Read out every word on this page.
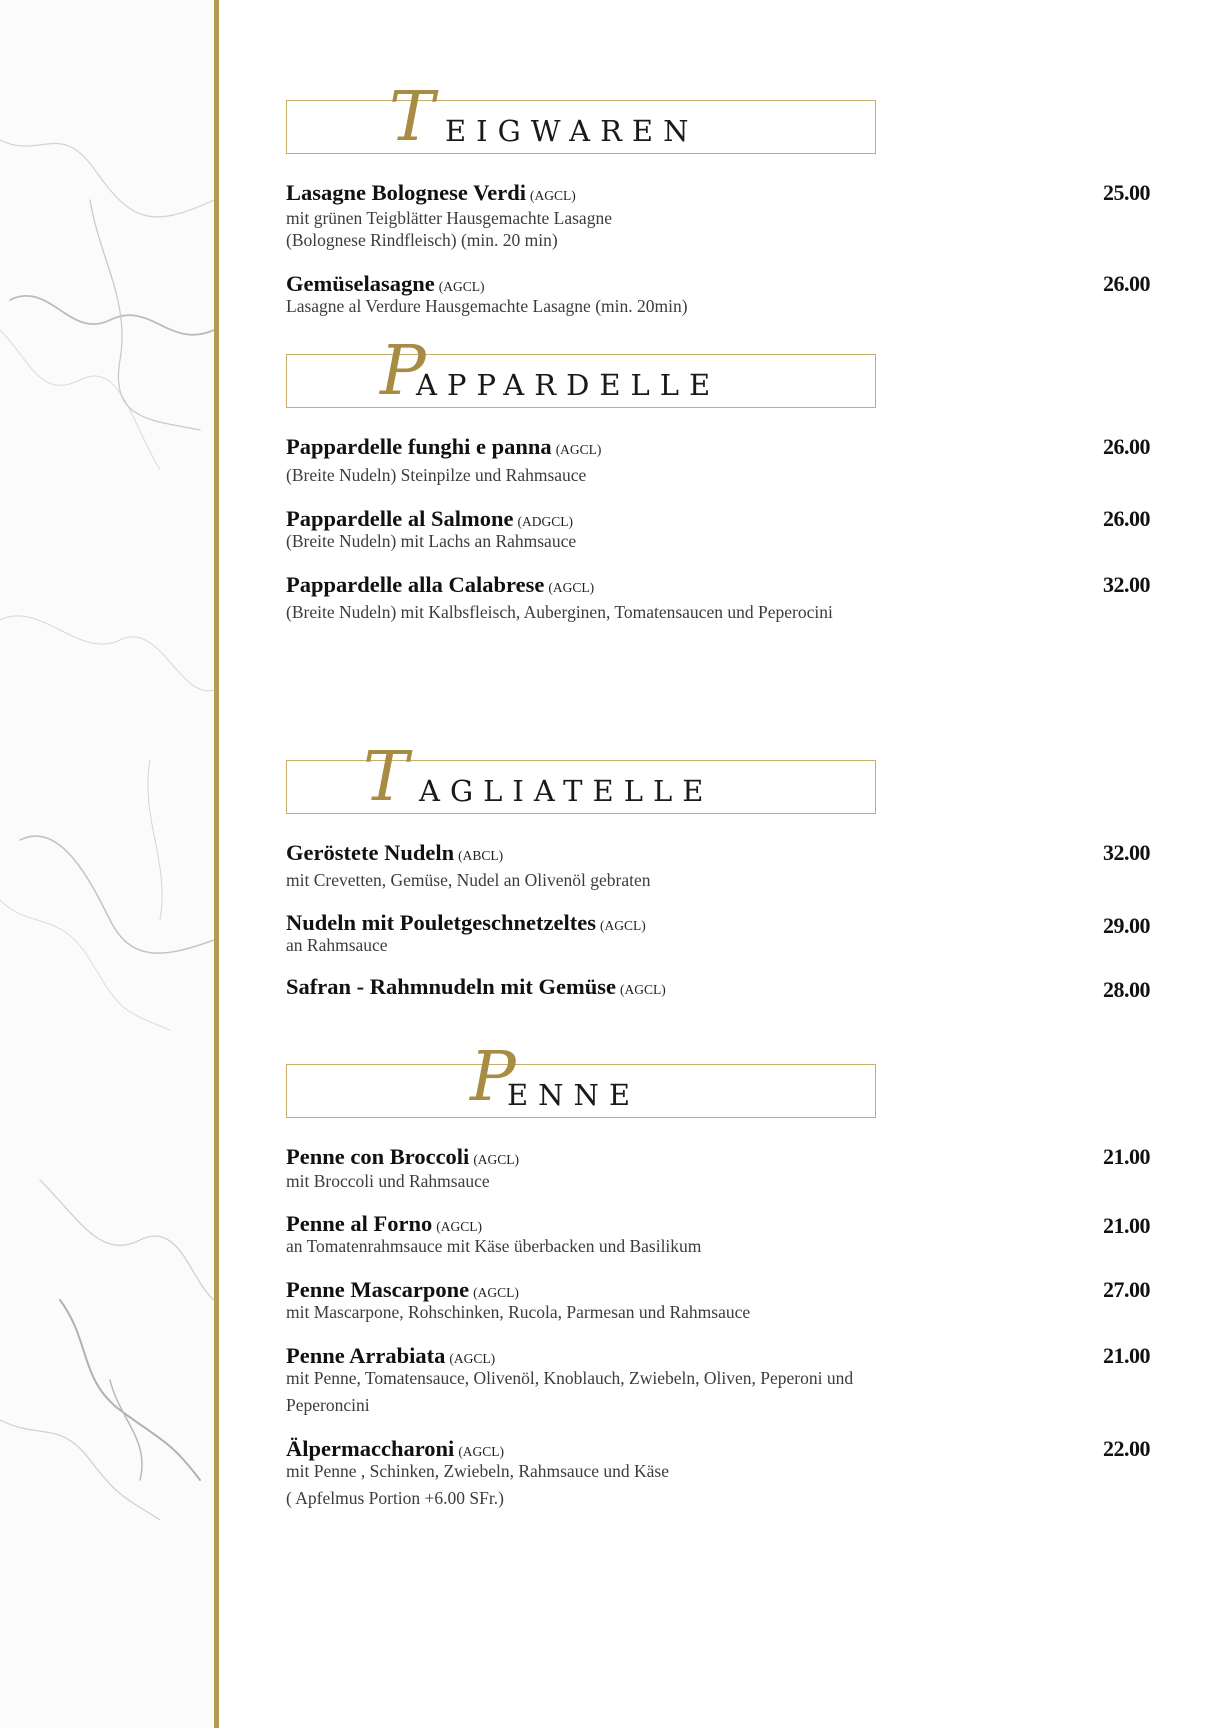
T EIGWAREN
Lasagne Bolognese Verdi (AGCL)
mit grünen Teigblätter Hausgemachte Lasagne
(Bolognese Rindfleisch) (min. 20 min)
25.00
Gemüselasagne (AGCL)
Lasagne al Verdure Hausgemachte Lasagne (min. 20min)
26.00
P
APPARDELLE
Pappardelle funghi e panna (AGCL)
(Breite Nudeln) Steinpilze und Rahmsauce
26.00
Pappardelle al Salmone (ADGCL)
(Breite Nudeln) mit Lachs an Rahmsauce
26.00
Pappardelle alla Calabrese (AGCL)
(Breite Nudeln) mit Kalbsfleisch, Auberginen, Tomatensaucen und Peperocini
32.00
T AGLIATELLE
Geröstete Nudeln (ABCL)
mit Crevetten, Gemüse, Nudel an Olivenöl gebraten
32.00
Nudeln mit Pouletgeschnetzeltes (AGCL)
an Rahmsauce
29.00
Safran - Rahmnudeln mit Gemüse (AGCL)	28.00
P
ENNE
Penne con Broccoli (AGCL)
mit Broccoli und Rahmsauce
21.00
Penne al Forno (AGCL)
an Tomatenrahmsauce mit Käse überbacken und Basilikum
21.00
Penne Mascarpone (AGCL)
mit Mascarpone, Rohschinken, Rucola, Parmesan und Rahmsauce
27.00
Penne Arrabiata (AGCL)
mit Penne, Tomatensauce, Olivenöl, Knoblauch, Zwiebeln, Oliven, Peperoni und
Peperoncini
21.00
Älpermaccharoni (AGCL)
mit Penne , Schinken, Zwiebeln, Rahmsauce und Käse
( Apfelmus Portion +6.00 SFr.)
22.00
